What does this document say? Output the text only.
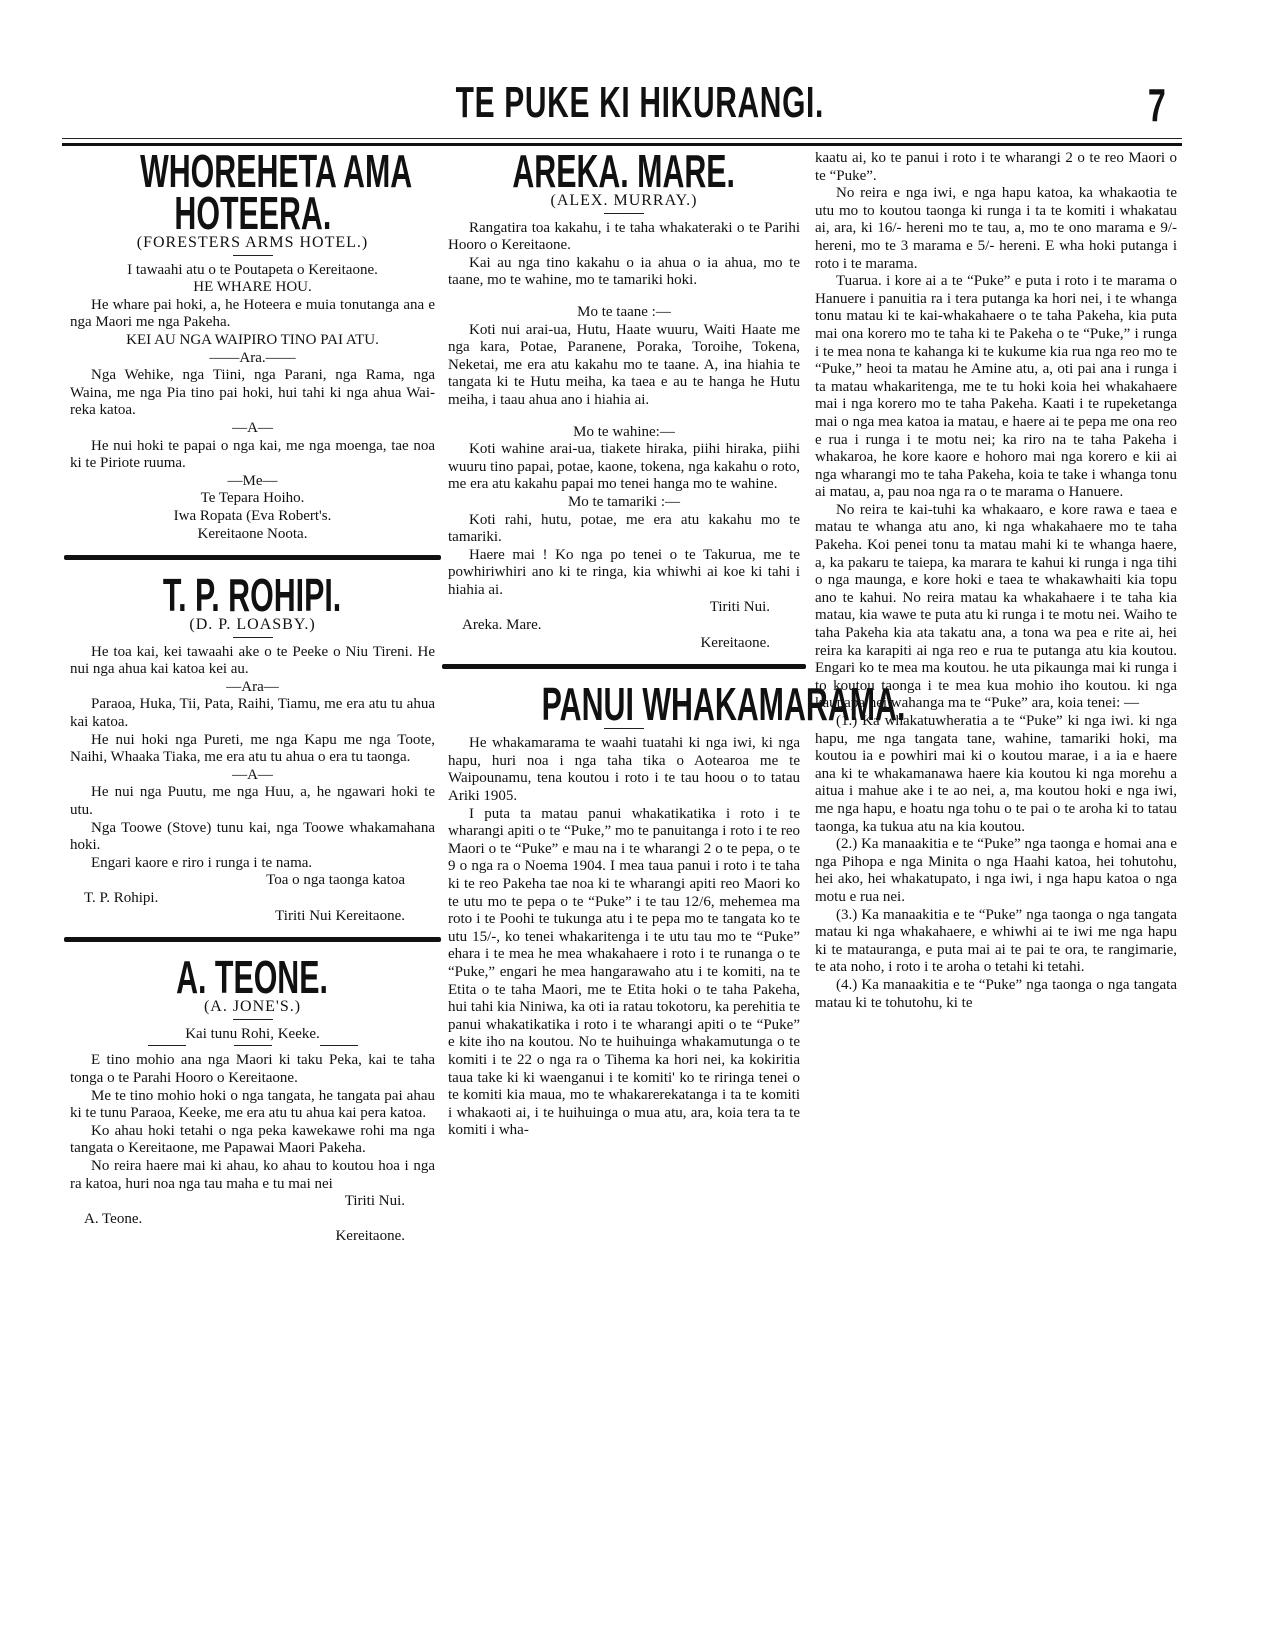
TE PUKE KI HIKURANGI.	7
WHOREHETA AMA
HOTEERA.
(FORESTERS ARMS HOTEL.)
I tawaahi atu o te Poutapeta o Kereitaone.
HE WHARE HOU.
He whare pai hoki, a, he Hoteera e muia tonutanga ana e nga Maori me nga Pakeha.
KEI AU NGA WAIPIRO TINO PAI ATU.
——Ara.——
Nga Wehike, nga Tiini, nga Parani, nga Rama, nga Waina, me nga Pia tino pai hoki, hui tahi ki nga ahua Wai-reka katoa.
—A—
He nui hoki te papai o nga kai, me nga moenga, tae noa ki te Piriote ruuma.
—Me—
Te Tepara Hoiho.
Iwa Ropata (Eva Robert's.
Kereitaone Noota.
T. P. ROHIPI.
(D. P. LOASBY.)
He toa kai, kei tawaahi ake o te Peeke o Niu Tireni. He nui nga ahua kai katoa kei au.
—Ara—
Paraoa, Huka, Tii, Pata, Raihi, Tiamu, me era atu tu ahua kai katoa.
He nui hoki nga Pureti, me nga Kapu me nga Toote, Naihi, Whaaka Tiaka, me era atu tu ahua o era tu taonga.
—A—
He nui nga Puutu, me nga Huu, a, he ngawari hoki te utu.
Nga Toowe (Stove) tunu kai, nga Toowe whakamahana hoki.
Engari kaore e riro i runga i te nama.
Toa o nga taonga katoa
T. P. Rohipi.
Tiriti Nui Kereitaone.
A. TEONE.
(A. JONE'S.)
Kai tunu Rohi, Keeke.
E tino mohio ana nga Maori ki taku Peka, kai te taha tonga o te Parahi Hooro o Kereitaone.
Me te tino mohio hoki o nga tangata, he tangata pai ahau ki te tunu Paraoa, Keeke, me era atu tu ahua kai pera katoa.
Ko ahau hoki tetahi o nga peka kawekawe rohi ma nga tangata o Kereitaone, me Papawai Maori Pakeha.
No reira haere mai ki ahau, ko ahau to koutou hoa i nga ra katoa, huri noa nga tau maha e tu mai nei
Tiriti Nui.
A. Teone.
Kereitaone.
AREKA. MARE.
(ALEX. MURRAY.)
Rangatira toa kakahu, i te taha whakateraki o te Parihi Hooro o Kereitaone.
Kai au nga tino kakahu o ia ahua o ia ahua, mo te taane, mo te wahine, mo te tamariki hoki.
Mo te taane :—
Koti nui arai-ua, Hutu, Haate wuuru, Waiti Haate me nga kara, Potae, Paranene, Poraka, Toroihe, Tokena, Neketai, me era atu kakahu mo te taane. A, ina hiahia te tangata ki te Hutu meiha, ka taea e au te hanga he Hutu meiha, i taau ahua ano i hiahia ai.
Mo te wahine:—
Koti wahine arai-ua, tiakete hiraka, piihi hiraka, piihi wuuru tino papai, potae, kaone, tokena, nga kakahu o roto, me era atu kakahu papai mo tenei hanga mo te wahine.
Mo te tamariki :—
Koti rahi, hutu, potae, me era atu kakahu mo te tamariki.
Haere mai ! Ko nga po tenei o te Takurua, me te powhiriwhiri ano ki te ringa, kia whiwhi ai koe ki tahi i hiahia ai.
Tiriti Nui.
Areka. Mare.
Kereitaone.
PANUI WHAKAMARAMA.
He whakamarama te waahi tuatahi ki nga iwi, ki nga hapu, huri noa i nga taha tika o Aotearoa me te Waipounamu, tena koutou i roto i te tau hoou o to tatau Ariki 1905.
I puta ta matau panui whakatikatika i roto i te wharangi apiti o te “Puke,” mo te panuitanga i roto i te reo Maori o te “Puke” e mau na i te wharangi 2 o te pepa, o te 9 o nga ra o Noema 1904. I mea taua panui i roto i te taha ki te reo Pakeha tae noa ki te wharangi apiti reo Maori ko te utu mo te pepa o te “Puke” i te tau 12/6, mehemea ma roto i te Poohi te tukunga atu i te pepa mo te tangata ko te utu 15/-, ko tenei whakaritenga i te utu tau mo te “Puke” ehara i te mea he mea whakahaere i roto i te runanga o te “Puke,” engari he mea hangarawaho atu i te komiti, na te Etita o te taha Maori, me te Etita hoki o te taha Pakeha, hui tahi kia Niniwa, ka oti ia ratau tokotoru, ka perehitia te panui whakatikatika i roto i te wharangi apiti o te “Puke” e kite iho na koutou. No te huihuinga whakamutunga o te komiti i te 22 o nga ra o Tihema ka hori nei, ka kokiritia taua take ki ki waenganui i te komiti' ko te riringa tenei o te komiti kia maua, mo te whakarerekatanga i ta te komiti i whakaoti ai, i te huihuinga o mua atu, ara, koia tera ta te komiti i wha-
kaatu ai, ko te panui i roto i te wharangi 2 o te reo Maori o te “Puke”.
No reira e nga iwi, e nga hapu katoa, ka whakaotia te utu mo to koutou taonga ki runga i ta te komiti i whakatau ai, ara, ki 16/- hereni mo te tau, a, mo te ono marama e 9/- hereni, mo te 3 marama e 5/- hereni. E wha hoki putanga i roto i te marama.
Tuarua. i kore ai a te “Puke” e puta i roto i te marama o Hanuere i panuitia ra i tera putanga ka hori nei, i te whanga tonu matau ki te kai-whakahaere o te taha Pakeha, kia puta mai ona korero mo te taha ki te Pakeha o te “Puke,” i runga i te mea nona te kahanga ki te kukume kia rua nga reo mo te “Puke,” heoi ta matau he Amine atu, a, oti pai ana i runga i ta matau whakaritenga, me te tu hoki koia hei whakahaere mai i nga korero mo te taha Pakeha. Kaati i te rupeketanga mai o nga mea katoa ia matau, e haere ai te pepa me ona reo e rua i runga i te motu nei; ka riro na te taha Pakeha i whakaroa, he kore kaore e hohoro mai nga korero e kii ai nga wharangi mo te taha Pakeha, koia te take i whanga tonu ai matau, a, pau noa nga ra o te marama o Hanuere.
No reira te kai-tuhi ka whakaaro, e kore rawa e taea e matau te whanga atu ano, ki nga whakahaere mo te taha Pakeha. Koi penei tonu ta matau mahi ki te whanga haere, a, ka pakaru te taiepa, ka marara te kahui ki runga i nga tihi o nga maunga, e kore hoki e taea te whakawhaiti kia topu ano te kahui. No reira matau ka whakahaere i te taha kia matau, kia wawe te puta atu ki runga i te motu nei. Waiho te taha Pakeha kia ata takatu ana, a tona wa pea e rite ai, hei reira ka karapiti ai nga reo e rua te putanga atu kia koutou. Engari ko te mea ma koutou. he uta pikaunga mai ki runga i to koutou taonga i te mea kua mohio iho koutou. ki nga kaupapa hei wahanga ma te “Puke” ara, koia tenei: —
(1.) Ka whakatuwheratia a te “Puke” ki nga iwi. ki nga hapu, me nga tangata tane, wahine, tamariki hoki, ma koutou ia e powhiri mai ki o koutou marae, i a ia e haere ana ki te whakamanawa haere kia koutou ki nga morehu a aitua i mahue ake i te ao nei, a, ma koutou hoki e nga iwi, me nga hapu, e hoatu nga tohu o te pai o te aroha ki to tatau taonga, ka tukua atu na kia koutou.
(2.) Ka manaakitia e te “Puke” nga taonga e homai ana e nga Pihopa e nga Minita o nga Haahi katoa, hei tohutohu, hei ako, hei whakatupato, i nga iwi, i nga hapu katoa o nga motu e rua nei.
(3.) Ka manaakitia e te “Puke” nga taonga o nga tangata matau ki nga whakahaere, e whiwhi ai te iwi me nga hapu ki te matauranga, e puta mai ai te pai te ora, te rangimarie, te ata noho, i roto i te aroha o tetahi ki tetahi.
(4.) Ka manaakitia e te “Puke” nga taonga o nga tangata matau ki te tohutohu, ki te
